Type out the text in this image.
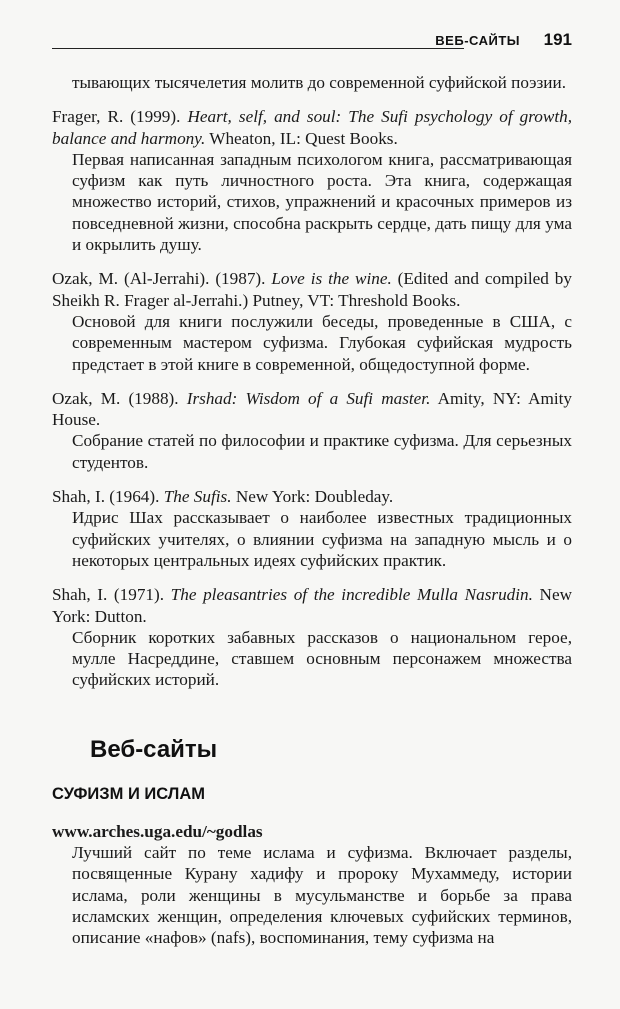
ВЕБ-САЙТЫ 191

тывающих тысячелетия молитв до современной суфийской поэзии.

Frager, R. (1999). Heart, self, and soul: The Sufi psychology of growth, balance and harmony. Wheaton, IL: Quest Books.

Первая написанная западным психологом книга, рассматривающая суфизм как путь личностного роста. Эта книга, содержащая множество историй, стихов, упражнений и красочных примеров из повседневной жизни, способна раскрыть сердце, дать пищу для ума и окрылить душу.

Ozak, M. (Al-Jerrahi). (1987). Love is the wine. (Edited and compiled by Sheikh R. Frager al-Jerrahi.) Putney, VT: Threshold Books.

Основой для книги послужили беседы, проведенные в США, с современным мастером суфизма. Глубокая суфийская мудрость предстает в этой книге в современной, общедоступной форме.

Ozak, M. (1988). Irshad: Wisdom of a Sufi master. Amity, NY: Amity House.

Собрание статей по философии и практике суфизма. Для серьезных студентов.

Shah, I. (1964). The Sufis. New York: Doubleday.

Идрис Шах рассказывает о наиболее известных традиционных суфийских учителях, о влиянии суфизма на западную мысль и о некоторых центральных идеях суфийских практик.

Shah, I. (1971). The pleasantries of the incredible Mulla Nasrudin. New York: Dutton.

Сборник коротких забавных рассказов о национальном герое, мулле Насреддине, ставшем основным персонажем множества суфийских историй.

Веб-сайты
СУФИЗМ И ИСЛАМ

www.arches.uga.edu/~godlas

Лучший сайт по теме ислама и суфизма. Включает разделы, посвященные Курану хадифу и пророку Мухаммеду, истории ислама, роли женщины в мусульманстве и борьбе за права исламских женщин, определения ключевых суфийских терминов, описание «нафов» (nafs), воспоминания, тему суфизма на
